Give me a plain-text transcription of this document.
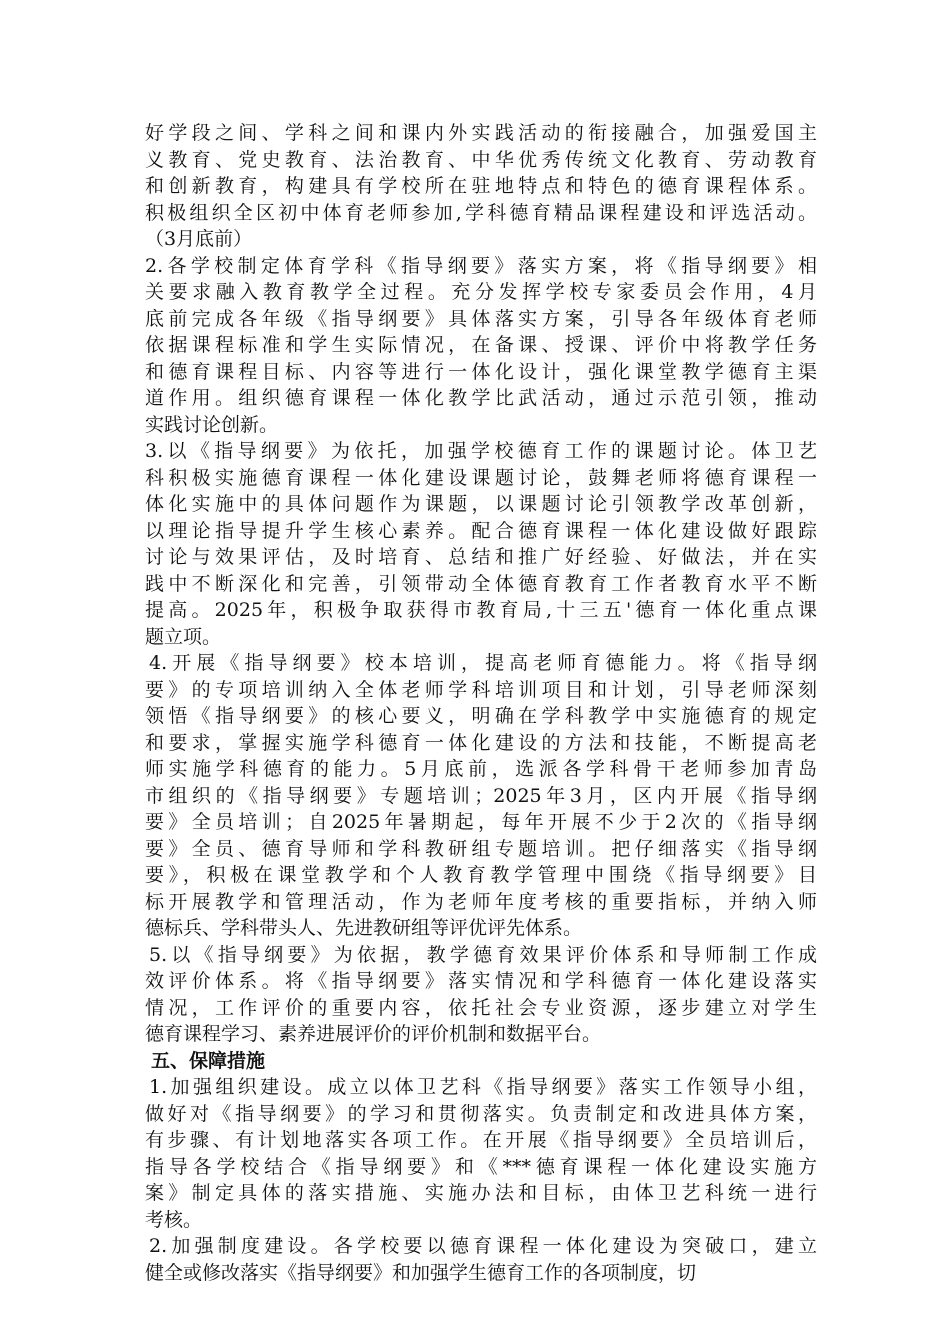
好学段之间、学科之间和课内外实践活动的衔接融合，加强爱国主
义教育、党史教育、法治教育、中华优秀传统文化教育、劳动教育
和创新教育，构建具有学校所在驻地特点和特色的德育课程体系。
积极组织全区初中体育老师参加,学科德育精品课程建设和评选活动。
（3月底前）
2.各学校制定体育学科《指导纲要》落实方案，将《指导纲要》相
关要求融入教育教学全过程。充分发挥学校专家委员会作用，4月
底前完成各年级《指导纲要》具体落实方案，引导各年级体育老师
依据课程标准和学生实际情况，在备课、授课、评价中将教学任务
和德育课程目标、内容等进行一体化设计，强化课堂教学德育主渠
道作用。组织德育课程一体化教学比武活动，通过示范引领，推动
实践讨论创新。
3.以《指导纲要》为依托，加强学校德育工作的课题讨论。体卫艺
科积极实施德育课程一体化建设课题讨论，鼓舞老师将德育课程一
体化实施中的具体问题作为课题，以课题讨论引领教学改革创新，
以理论指导提升学生核心素养。配合德育课程一体化建设做好跟踪
讨论与效果评估，及时培育、总结和推广好经验、好做法，并在实
践中不断深化和完善，引领带动全体德育教育工作者教育水平不断
提高。2025年，积极争取获得市教育局,十三五'德育一体化重点课
题立项。
4.开展《指导纲要》校本培训，提高老师育德能力。将《指导纲
要》的专项培训纳入全体老师学科培训项目和计划，引导老师深刻
领悟《指导纲要》的核心要义，明确在学科教学中实施德育的规定
和要求，掌握实施学科德育一体化建设的方法和技能，不断提高老
师实施学科德育的能力。5月底前，选派各学科骨干老师参加青岛
市组织的《指导纲要》专题培训；2025年3月，区内开展《指导纲
要》全员培训；自2025年暑期起，每年开展不少于2次的《指导纲
要》全员、德育导师和学科教研组专题培训。把仔细落实《指导纲
要》，积极在课堂教学和个人教育教学管理中围绕《指导纲要》目
标开展教学和管理活动，作为老师年度考核的重要指标，并纳入师
德标兵、学科带头人、先进教研组等评优评先体系。
5.以《指导纲要》为依据，教学德育效果评价体系和导师制工作成
效评价体系。将《指导纲要》落实情况和学科德育一体化建设落实
情况，工作评价的重要内容，依托社会专业资源，逐步建立对学生
德育课程学习、素养进展评价的评价机制和数据平台。
五、保障措施
1.加强组织建设。成立以体卫艺科《指导纲要》落实工作领导小组，
做好对《指导纲要》的学习和贯彻落实。负责制定和改进具体方案，
有步骤、有计划地落实各项工作。在开展《指导纲要》全员培训后，
指导各学校结合《指导纲要》和《***德育课程一体化建设实施方
案》制定具体的落实措施、实施办法和目标，由体卫艺科统一进行
考核。
2.加强制度建设。各学校要以德育课程一体化建设为突破口，建立
健全或修改落实《指导纲要》和加强学生德育工作的各项制度，切
